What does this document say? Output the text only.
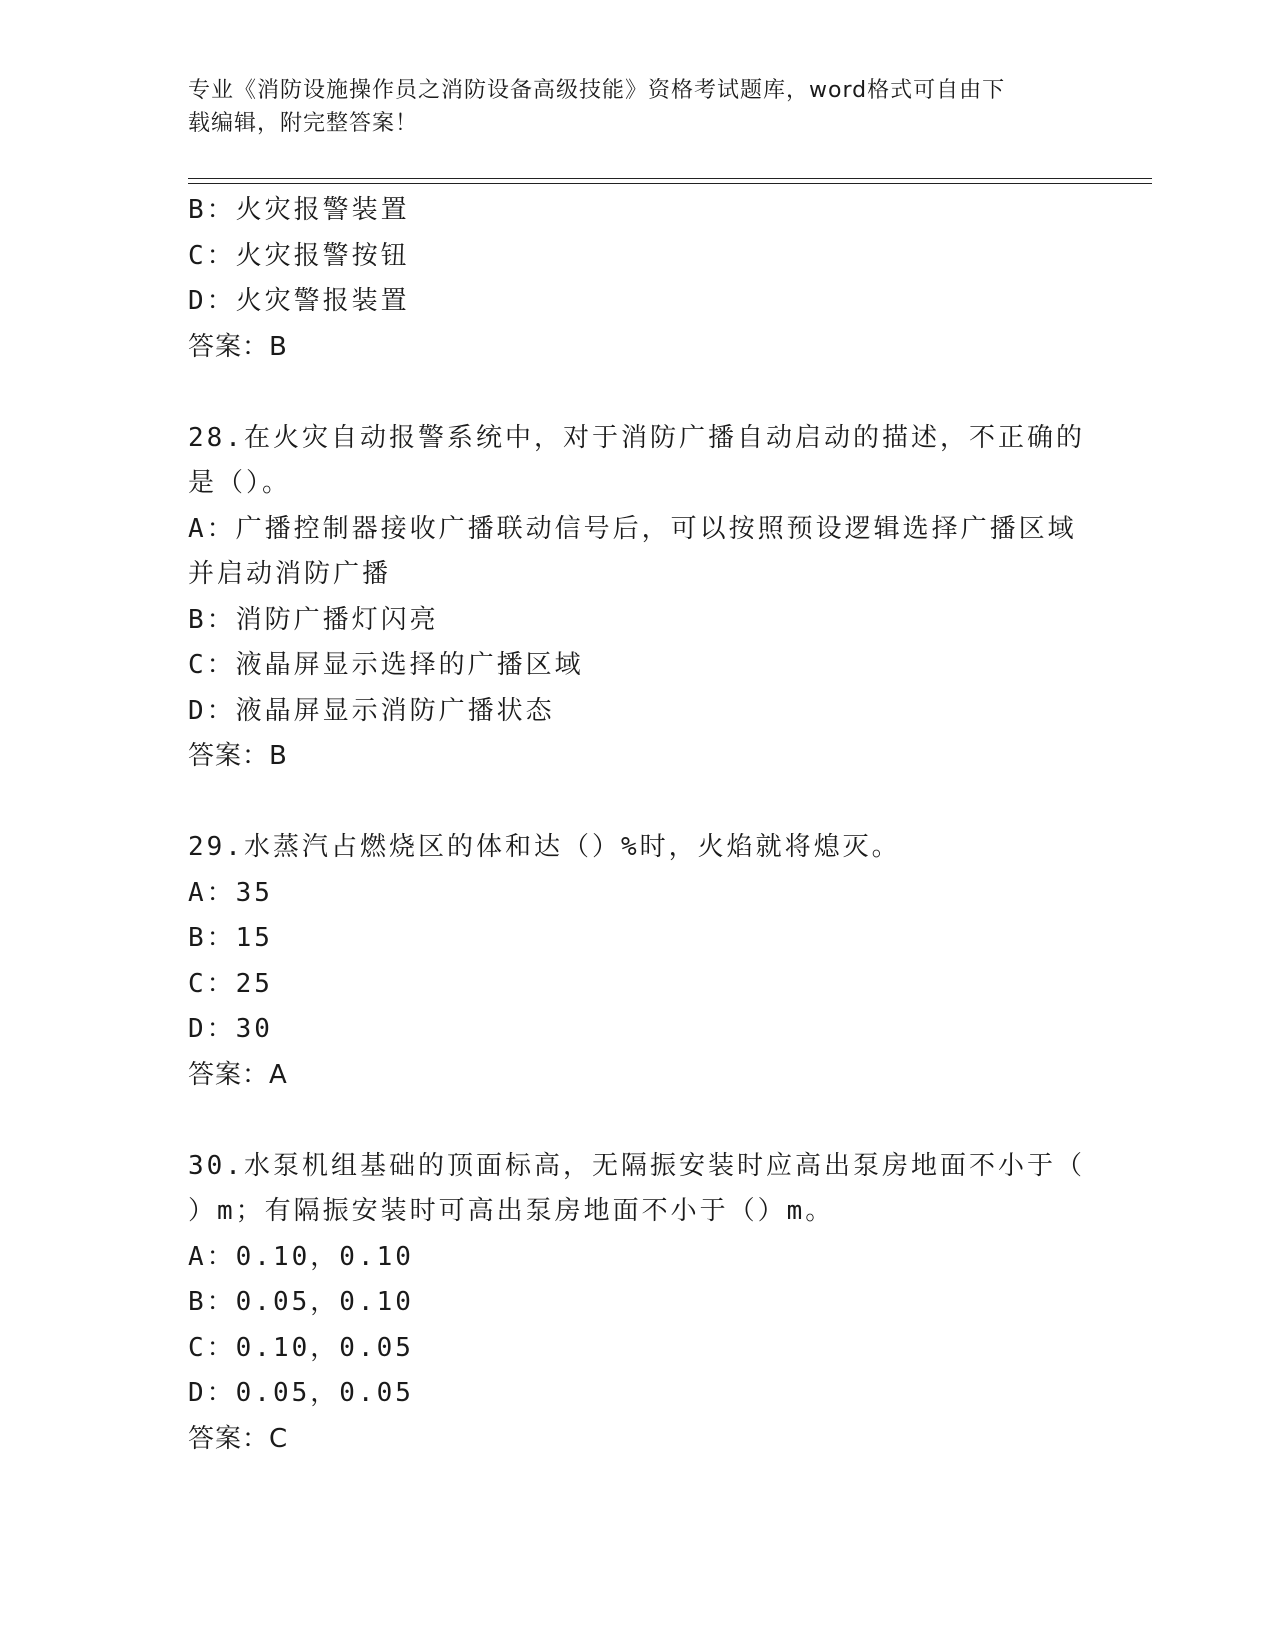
专业《消防设施操作员之消防设备高级技能》资格考试题库，word格式可自由下
载编辑，附完整答案！
B：火灾报警装置
C：火灾报警按钮
D：火灾警报装置
答案：B
28.在火灾自动报警系统中，对于消防广播自动启动的描述，不正确的
是（）。
A：广播控制器接收广播联动信号后，可以按照预设逻辑选择广播区域
并启动消防广播
B：消防广播灯闪亮
C：液晶屏显示选择的广播区域
D：液晶屏显示消防广播状态
答案：B
29.水蒸汽占燃烧区的体和达（）%时，火焰就将熄灭。
A：35
B：15
C：25
D：30
答案：A
30.水泵机组基础的顶面标高，无隔振安装时应高出泵房地面不小于（
）m；有隔振安装时可高出泵房地面不小于（）m。
A：0.10，0.10
B：0.05，0.10
C：0.10，0.05
D：0.05，0.05
答案：C
